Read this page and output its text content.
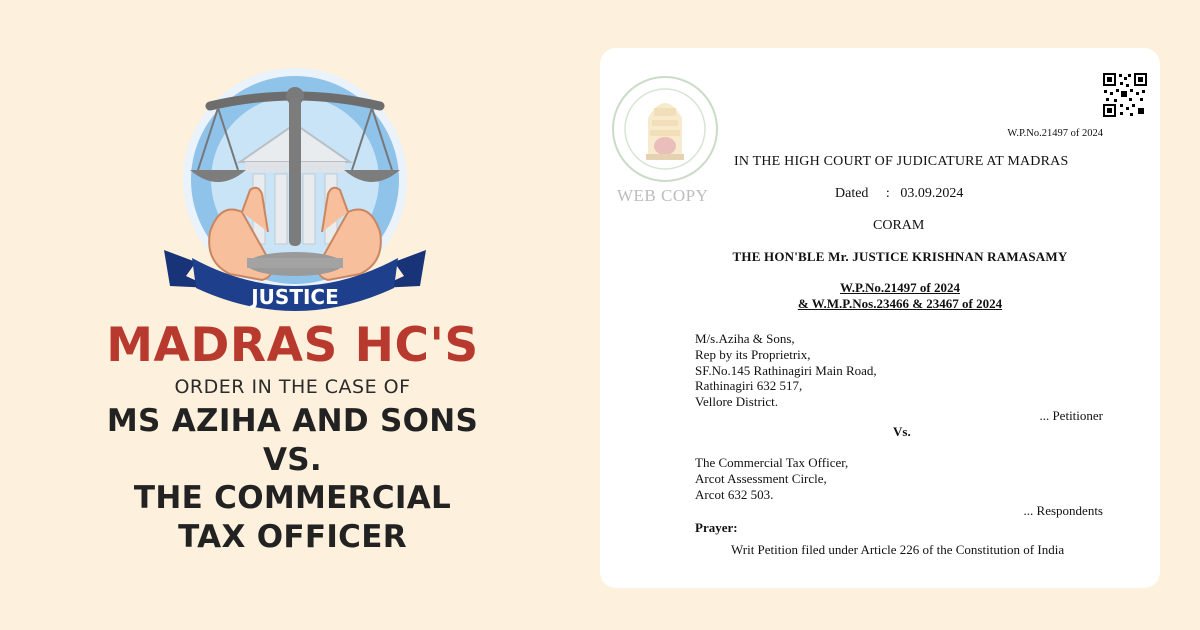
JUSTICE
MADRAS HC'S
ORDER IN THE CASE OF
MS AZIHA AND SONS
VS.
THE COMMERCIAL
TAX OFFICER
WEB COPY
W.P.No.21497 of 2024
IN THE HIGH COURT OF JUDICATURE AT MADRAS
Dated     :   03.09.2024
CORAM
THE HON'BLE Mr. JUSTICE KRISHNAN RAMASAMY
W.P.No.21497 of 2024
& W.M.P.Nos.23466 & 23467 of 2024
M/s.Aziha & Sons,
Rep by its Proprietrix,
SF.No.145 Rathinagiri Main Road,
Rathinagiri 632 517,
Vellore District.
... Petitioner
Vs.
The Commercial Tax Officer,
Arcot Assessment Circle,
Arcot 632 503.
... Respondents
Prayer:
Writ Petition filed under Article 226 of the Constitution of India
